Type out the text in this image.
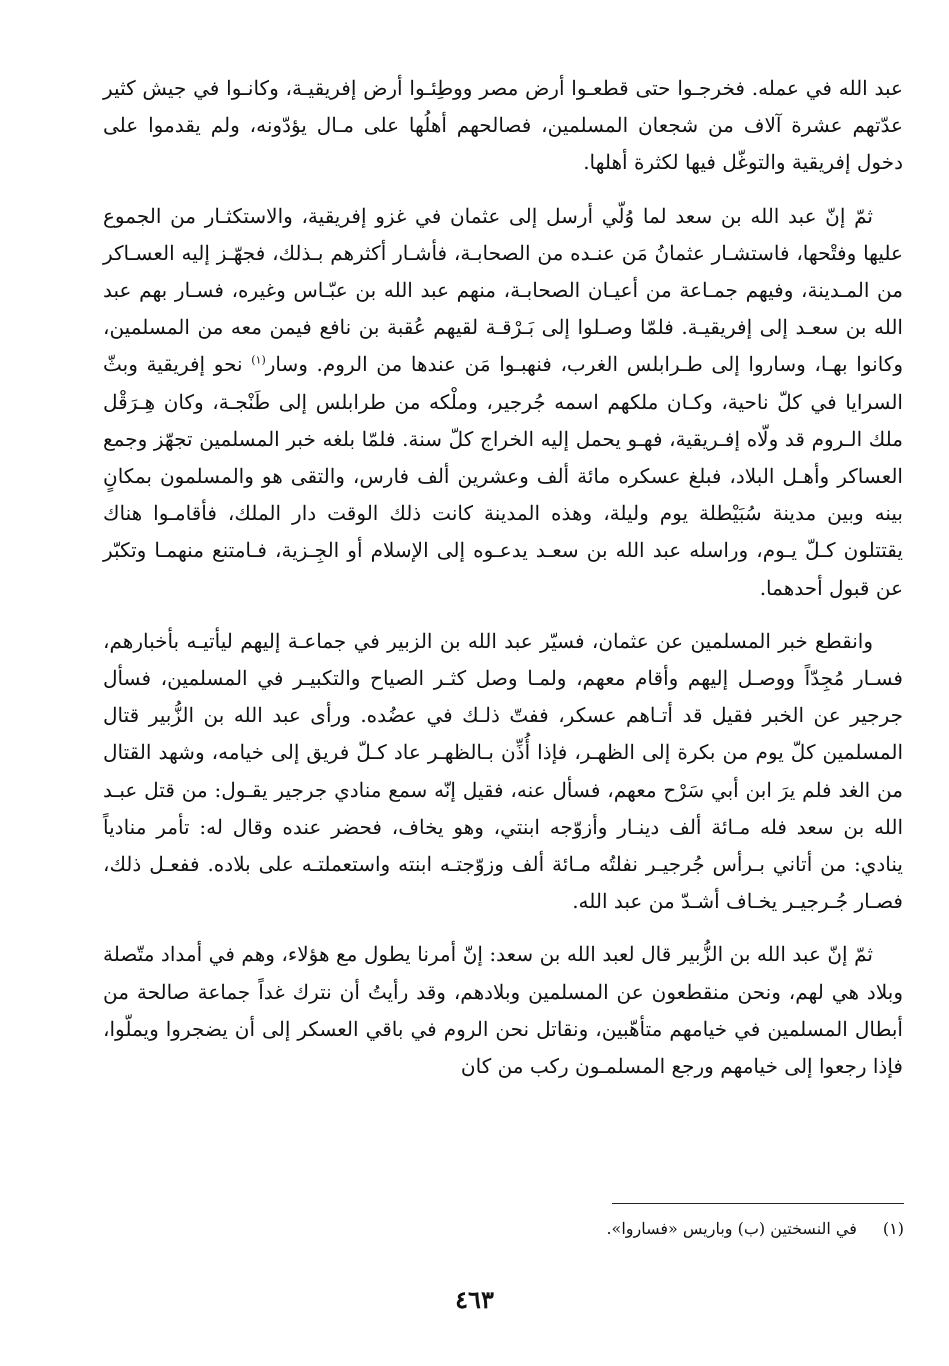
عبد الله في عمله. فخرجـوا حتى قطعـوا أرض مصر ووطِئـوا أرض إفريقيـة، وكانـوا في جيش كثير عدّتهم عشرة آلاف من شجعان المسلمين، فصالحهم أهلُها على مـال يؤدّونه، ولم يقدموا على دخول إفريقية والتوغّل فيها لكثرة أهلها.

ثمّ إنّ عبد الله بن سعد لما وُلّي أرسل إلى عثمان في غزو إفريقية، والاستكثـار من الجموع عليها وفتْحها، فاستشـار عثمانُ مَن عنـده من الصحابـة، فأشـار أكثرهم بـذلك، فجهّـز إليه العسـاكر من المـدينة، وفيهم جمـاعة من أعيـان الصحابـة، منهم عبد الله بن عبّـاس وغيره، فسـار بهم عبد الله بن سعـد إلى إفريقيـة. فلمّا وصـلوا إلى بَـرْقـة لقيهم عُقبة بن نافع فيمن معه من المسلمين، وكانوا بهـا، وساروا إلى طـرابلس الغرب، فنهبـوا مَن عندها من الروم. وسار$^{(١)}$ نحو إفريقية وبثّ السرايا في كلّ ناحية، وكـان ملكهم اسمه جُرجير، وملْكه من طرابلس إلى طَنْجـة، وكان هِـرَقْل ملك الـروم قد ولّاه إفـريقية، فهـو يحمل إليه الخراج كلّ سنة. فلمّا بلغه خبر المسلمين تجهّز وجمع العساكر وأهـل البلاد، فبلغ عسكره مائة ألف وعشرين ألف فارس، والتقى هو والمسلمون بمكانٍ بينه وبين مدينة سُبَيْطلة يوم وليلة، وهذه المدينة كانت ذلك الوقت دار الملك، فأقامـوا هناك يقتتلون كـلّ يـوم، وراسله عبد الله بن سعـد يدعـوه إلى الإسلام أو الجِـزية، فـامتنع منهمـا وتكبّر عن قبول أحدهما.

وانقطع خبر المسلمين عن عثمان، فسيّر عبد الله بن الزبير في جماعـة إليهم ليأتيـه بأخبارهم، فسـار مُجِدّاً ووصـل إليهم وأقام معهم، ولمـا وصل كثـر الصياح والتكبيـر في المسلمين، فسأل جرجير عن الخبر فقيل قد أتـاهم عسكر، ففتّ ذلـك في عضُده. ورأى عبد الله بن الزُّبير قتال المسلمين كلّ يوم من بكرة إلى الظهـر، فإذا أُذِّن بـالظهـر عاد كـلّ فريق إلى خيامه، وشهد القتال من الغد فلم يرَ ابن أبي سَرْح معهم، فسأل عنه، فقيل إنّه سمع منادي جرجير يقـول: من قتل عبـد الله بن سعد فله مـائة ألف دينـار وأزوّجه ابنتي، وهو يخاف، فحضر عنده وقال له: تأمر منادياً ينادي: من أتاني بـرأس جُرجيـر نفلتُه مـائة ألف وزوّجتـه ابنته واستعملتـه على بلاده. ففعـل ذلك، فصـار جُـرجيـر يخـاف أشـدّ من عبد الله.

ثمّ إنّ عبد الله بن الزُّبير قال لعبد الله بن سعد: إنّ أمرنا يطول مع هؤلاء، وهم في أمداد متّصلة وبلاد هي لهم، ونحن منقطعون عن المسلمين وبلادهم، وقد رأيتُ أن نترك غداً جماعة صالحة من أبطال المسلمين في خيامهم متأهّبين، ونقاتل نحن الروم في باقي العسكر إلى أن يضجروا ويملّوا، فإذا رجعوا إلى خيامهم ورجع المسلمـون ركب من كان

(١)في النسختين (ب) وباريس «فساروا».
٤٦٣
